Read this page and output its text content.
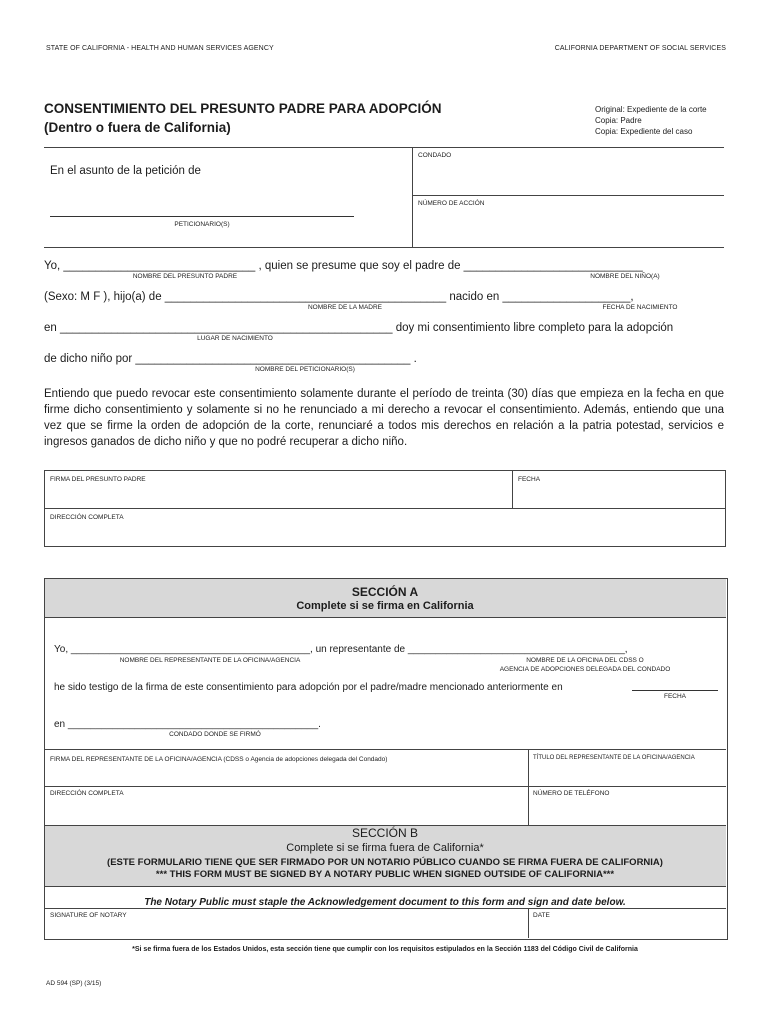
STATE OF CALIFORNIA - HEALTH AND HUMAN SERVICES AGENCY	CALIFORNIA DEPARTMENT OF SOCIAL SERVICES
CONSENTIMIENTO DEL PRESUNTO PADRE PARA ADOPCIÓN
(Dentro o fuera de California)
Original: Expediente de la corte
Copia: Padre
Copia: Expediente del caso
CONDADO
NÚMERO DE ACCIÓN
En el asunto de la petición de
PETICIONARIO(S)
Yo, ______________________________ , quien se presume que soy el padre de ____________________________
NOMBRE DEL PRESUNTO PADRE	NOMBRE DEL NIÑO(A)
(Sexo: M F ), hijo(a) de ____________________________________________ nacido en ____________________,
NOMBRE DE LA MADRE	FECHA DE NACIMIENTO
en ____________________________________________________ doy mi consentimiento libre completo para la adopción
LUGAR DE NACIMIENTO
de dicho niño por ___________________________________________ .
NOMBRE DEL PETICIONARIO(S)
Entiendo que puedo revocar este consentimiento solamente durante el período de treinta (30) días que empieza en la fecha en que firme dicho consentimiento y solamente si no he renunciado a mi derecho a revocar el consentimiento. Además, entiendo que una vez que se firme la orden de adopción de la corte, renunciaré a todos mis derechos en relación a la patria potestad, servicios e ingresos ganados de dicho niño y que no podré recuperar a dicho niño.
FIRMA DEL PRESUNTO PADRE	FECHA
DIRECCIÓN COMPLETA
SECCIÓN A
Complete si se firma en California
Yo, ___________________________________________, un representante de _______________________________________,
NOMBRE DEL REPRESENTANTE DE LA OFICINA/AGENCIA	NOMBRE DE LA OFICINA DEL CDSS O
AGENCIA DE ADOPCIONES DELEGADA DEL CONDADO
he sido testigo de la firma de este consentimiento para adopción por el padre/madre mencionado anteriormente en
FECHA
en _____________________________________________.
CONDADO DONDE SE FIRMÓ
FIRMA DEL REPRESENTANTE DE LA OFICINA/AGENCIA (CDSS o Agencia de adopciones delegada del Condado)	TÍTULO DEL REPRESENTANTE DE LA OFICINA/AGENCIA
DIRECCIÓN COMPLETA	NÚMERO DE TELÉFONO
SECCIÓN B
Complete si se firma fuera de California*
(ESTE FORMULARIO TIENE QUE SER FIRMADO POR UN NOTARIO PÚBLICO CUANDO SE FIRMA FUERA DE CALIFORNIA)
*** THIS FORM MUST BE SIGNED BY A NOTARY PUBLIC WHEN SIGNED OUTSIDE OF CALIFORNIA***
The Notary Public must staple the Acknowledgement document to this form and sign and date below.
SIGNATURE OF NOTARY	DATE
*Si se firma fuera de los Estados Unidos, esta sección tiene que cumplir con los requisitos estipulados en la Sección 1183 del Código Civil de California
AD 594 (SP) (3/15)
